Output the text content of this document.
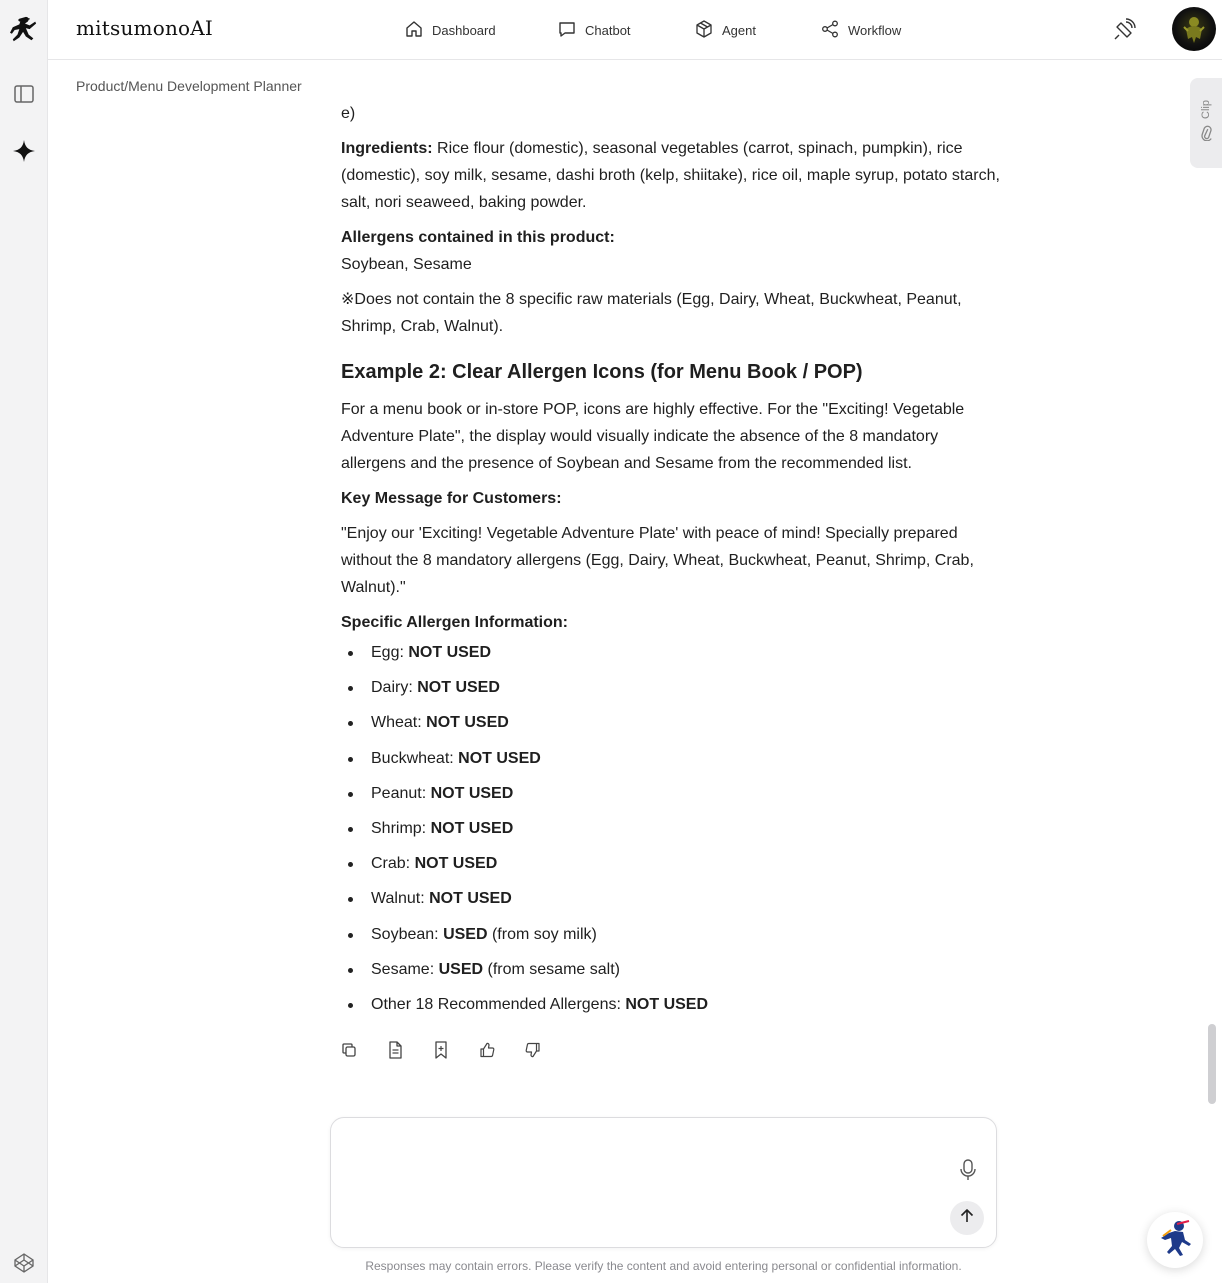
mitsumonoAI	Dashboard	Chatbot	Agent	Workflow
Product/Menu Development Planner
Clip

e)

Ingredients: Rice flour (domestic), seasonal vegetables (carrot, spinach, pumpkin), rice (domestic), soy milk, sesame, dashi broth (kelp, shiitake), rice oil, maple syrup, potato starch, salt, nori seaweed, baking powder.

Allergens contained in this product:
Soybean, Sesame

※Does not contain the 8 specific raw materials (Egg, Dairy, Wheat, Buckwheat, Peanut, Shrimp, Crab, Walnut).

Example 2: Clear Allergen Icons (for Menu Book / POP)

For a menu book or in-store POP, icons are highly effective. For the "Exciting! Vegetable Adventure Plate", the display would visually indicate the absence of the 8 mandatory allergens and the presence of Soybean and Sesame from the recommended list.

Key Message for Customers:

"Enjoy our 'Exciting! Vegetable Adventure Plate' with peace of mind! Specially prepared without the 8 mandatory allergens (Egg, Dairy, Wheat, Buckwheat, Peanut, Shrimp, Crab, Walnut)."

Specific Allergen Information:

Egg: NOT USED
Dairy: NOT USED
Wheat: NOT USED
Buckwheat: NOT USED
Peanut: NOT USED
Shrimp: NOT USED
Crab: NOT USED
Walnut: NOT USED
Soybean: USED (from soy milk)
Sesame: USED (from sesame salt)
Other 18 Recommended Allergens: NOT USED
Responses may contain errors. Please verify the content and avoid entering personal or confidential information.
